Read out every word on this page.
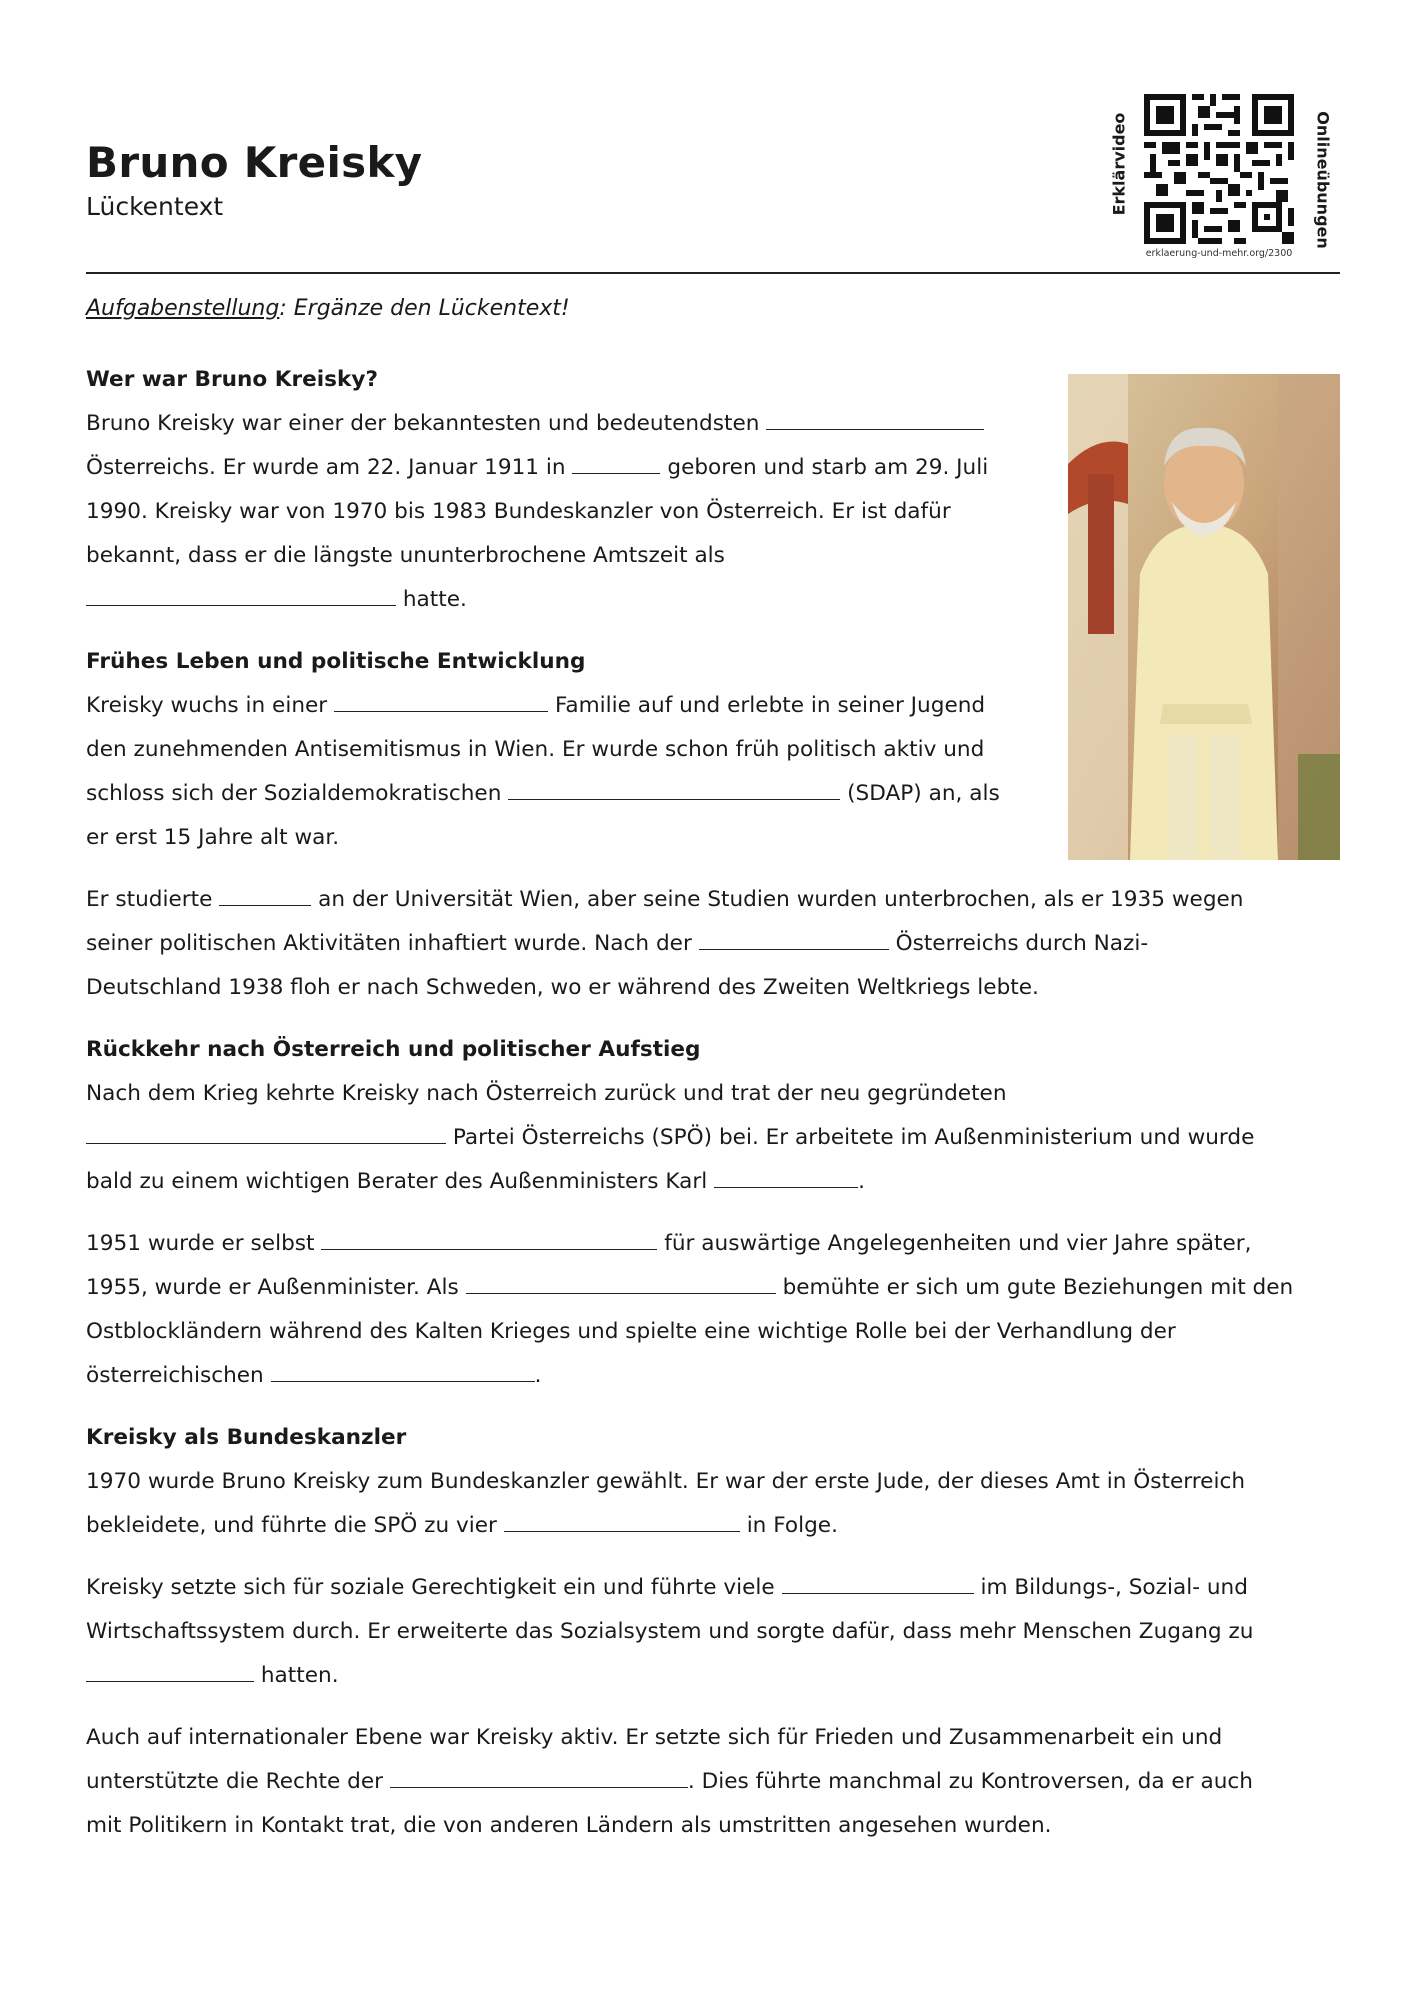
Bruno Kreisky
Lückentext	Erklärvideo	Onlineübungen
erklaerung-und-mehr.org/2300
Aufgabenstellung: Ergänze den Lückentext!
Wer war Bruno Kreisky?
Bruno Kreisky war einer der bekanntesten und bedeutendsten
Österreichs. Er wurde am 22. Januar 1911 in	geboren und starb am 29. Juli
1990. Kreisky war von 1970 bis 1983 Bundeskanzler von Österreich. Er ist dafür
bekannt, dass er die längste ununterbrochene Amtszeit als
hatte.
Frühes Leben und politische Entwicklung
Kreisky wuchs in einer	Familie auf und erlebte in seiner Jugend
den zunehmenden Antisemitismus in Wien. Er wurde schon früh politisch aktiv und
schloss sich der Sozialdemokratischen	(SDAP) an, als
er erst 15 Jahre alt war.
Er studierte	an der Universität Wien, aber seine Studien wurden unterbrochen, als er 1935 wegen
seiner politischen Aktivitäten inhaftiert wurde. Nach der	Österreichs durch Nazi-
Deutschland 1938 floh er nach Schweden, wo er während des Zweiten Weltkriegs lebte.
Rückkehr nach Österreich und politischer Aufstieg
Nach dem Krieg kehrte Kreisky nach Österreich zurück und trat der neu gegründeten
Partei Österreichs (SPÖ) bei. Er arbeitete im Außenministerium und wurde
bald zu einem wichtigen Berater des Außenministers Karl	.
1951 wurde er selbst	für auswärtige Angelegenheiten und vier Jahre später,
1955, wurde er Außenminister. Als	bemühte er sich um gute Beziehungen mit den
Ostblockländern während des Kalten Krieges und spielte eine wichtige Rolle bei der Verhandlung der
österreichischen	.
Kreisky als Bundeskanzler
1970 wurde Bruno Kreisky zum Bundeskanzler gewählt. Er war der erste Jude, der dieses Amt in Österreich
bekleidete, und führte die SPÖ zu vier	in Folge.
Kreisky setzte sich für soziale Gerechtigkeit ein und führte viele	im Bildungs-, Sozial- und
Wirtschaftssystem durch. Er erweiterte das Sozialsystem und sorgte dafür, dass mehr Menschen Zugang zu
hatten.
Auch auf internationaler Ebene war Kreisky aktiv. Er setzte sich für Frieden und Zusammenarbeit ein und
unterstützte die Rechte der	. Dies führte manchmal zu Kontroversen, da er auch
mit Politikern in Kontakt trat, die von anderen Ländern als umstritten angesehen wurden.
